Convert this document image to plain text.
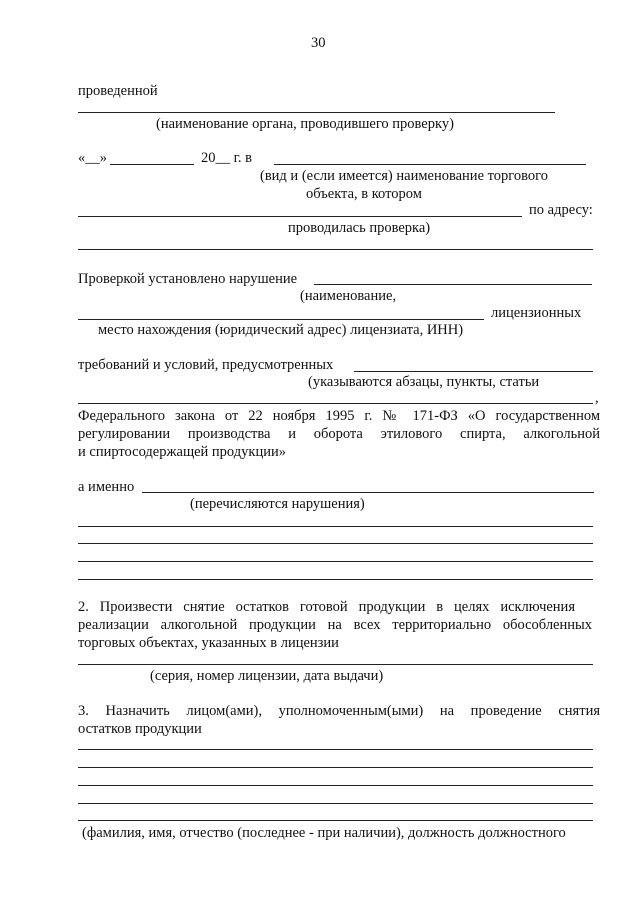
30
проведенной
(наименование органа, проводившего проверку)
«__»	20__ г. в
(вид и (если имеется) наименование торгового
объекта, в котором
по адресу:
проводилась проверка)
Проверкой установлено нарушение
(наименование,
лицензионных
место нахождения (юридический адрес) лицензиата, ИНН)
требований и условий, предусмотренных
(указываются абзацы, пункты, статьи
,
Федерального закона от 22 ноября 1995 г. № 171-ФЗ «О государственном
регулировании производства и оборота этилового спирта, алкогольной
и спиртосодержащей продукции»
а именно
(перечисляются нарушения)
2. Произвести снятие остатков готовой продукции в целях исключения
реализации алкогольной продукции на всех территориально обособленных
торговых объектах, указанных в лицензии
(серия, номер лицензии, дата выдачи)
3. Назначить лицом(ами), уполномоченным(ыми) на проведение снятия
остатков продукции
(фамилия, имя, отчество (последнее - при наличии), должность должностного
